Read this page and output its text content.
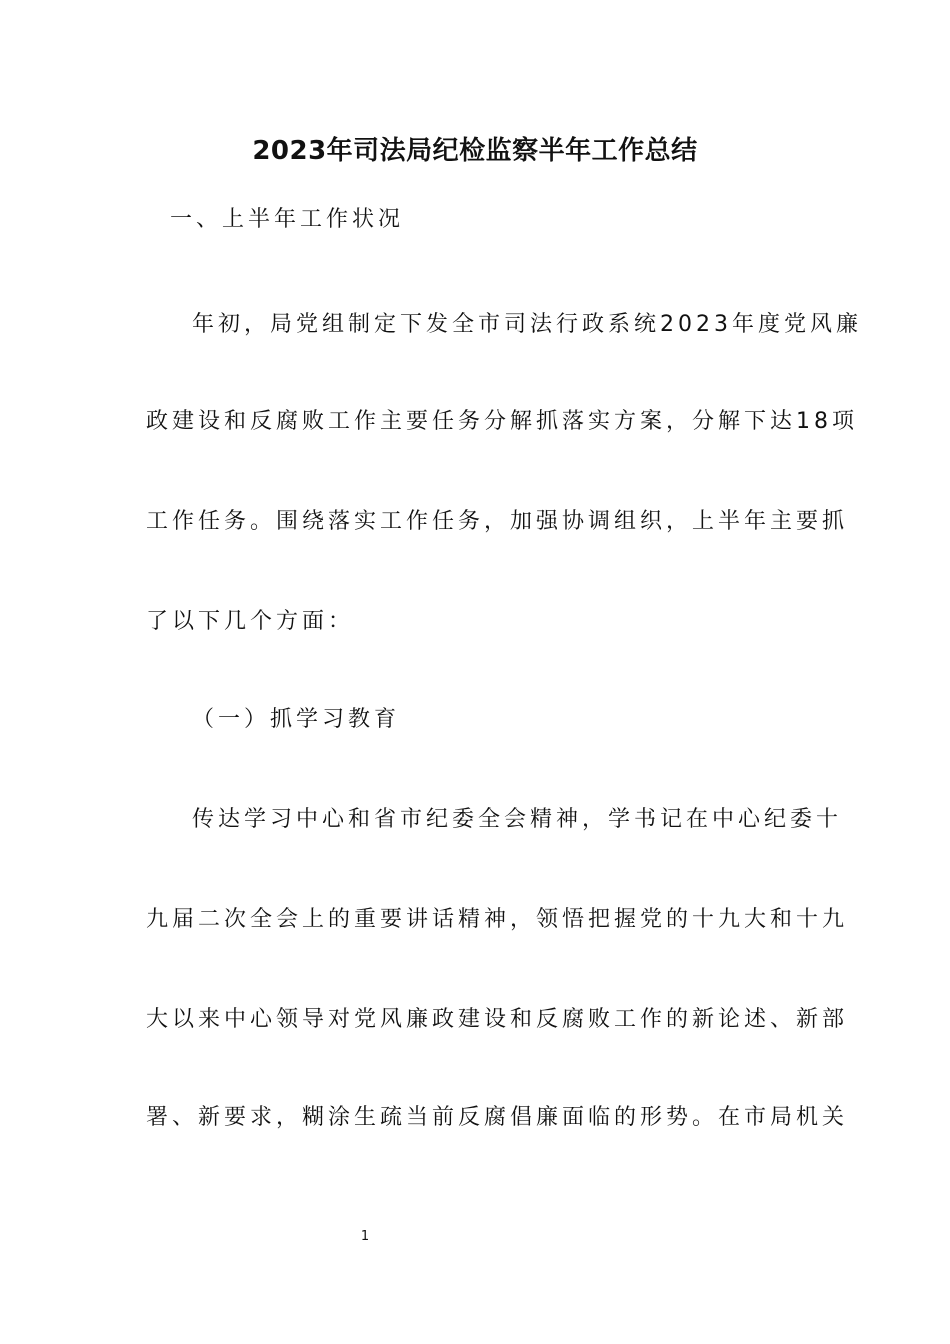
2023年司法局纪检监察半年工作总结
一、上半年工作状况
年初，局党组制定下发全市司法行政系统2023年度党风廉
政建设和反腐败工作主要任务分解抓落实方案，分解下达18项
工作任务。围绕落实工作任务，加强协调组织，上半年主要抓
了以下几个方面：
（一）抓学习教育
传达学习中心和省市纪委全会精神，学书记在中心纪委十
九届二次全会上的重要讲话精神，领悟把握党的十九大和十九
大以来中心领导对党风廉政建设和反腐败工作的新论述、新部
署、新要求，糊涂生疏当前反腐倡廉面临的形势。在市局机关
1
